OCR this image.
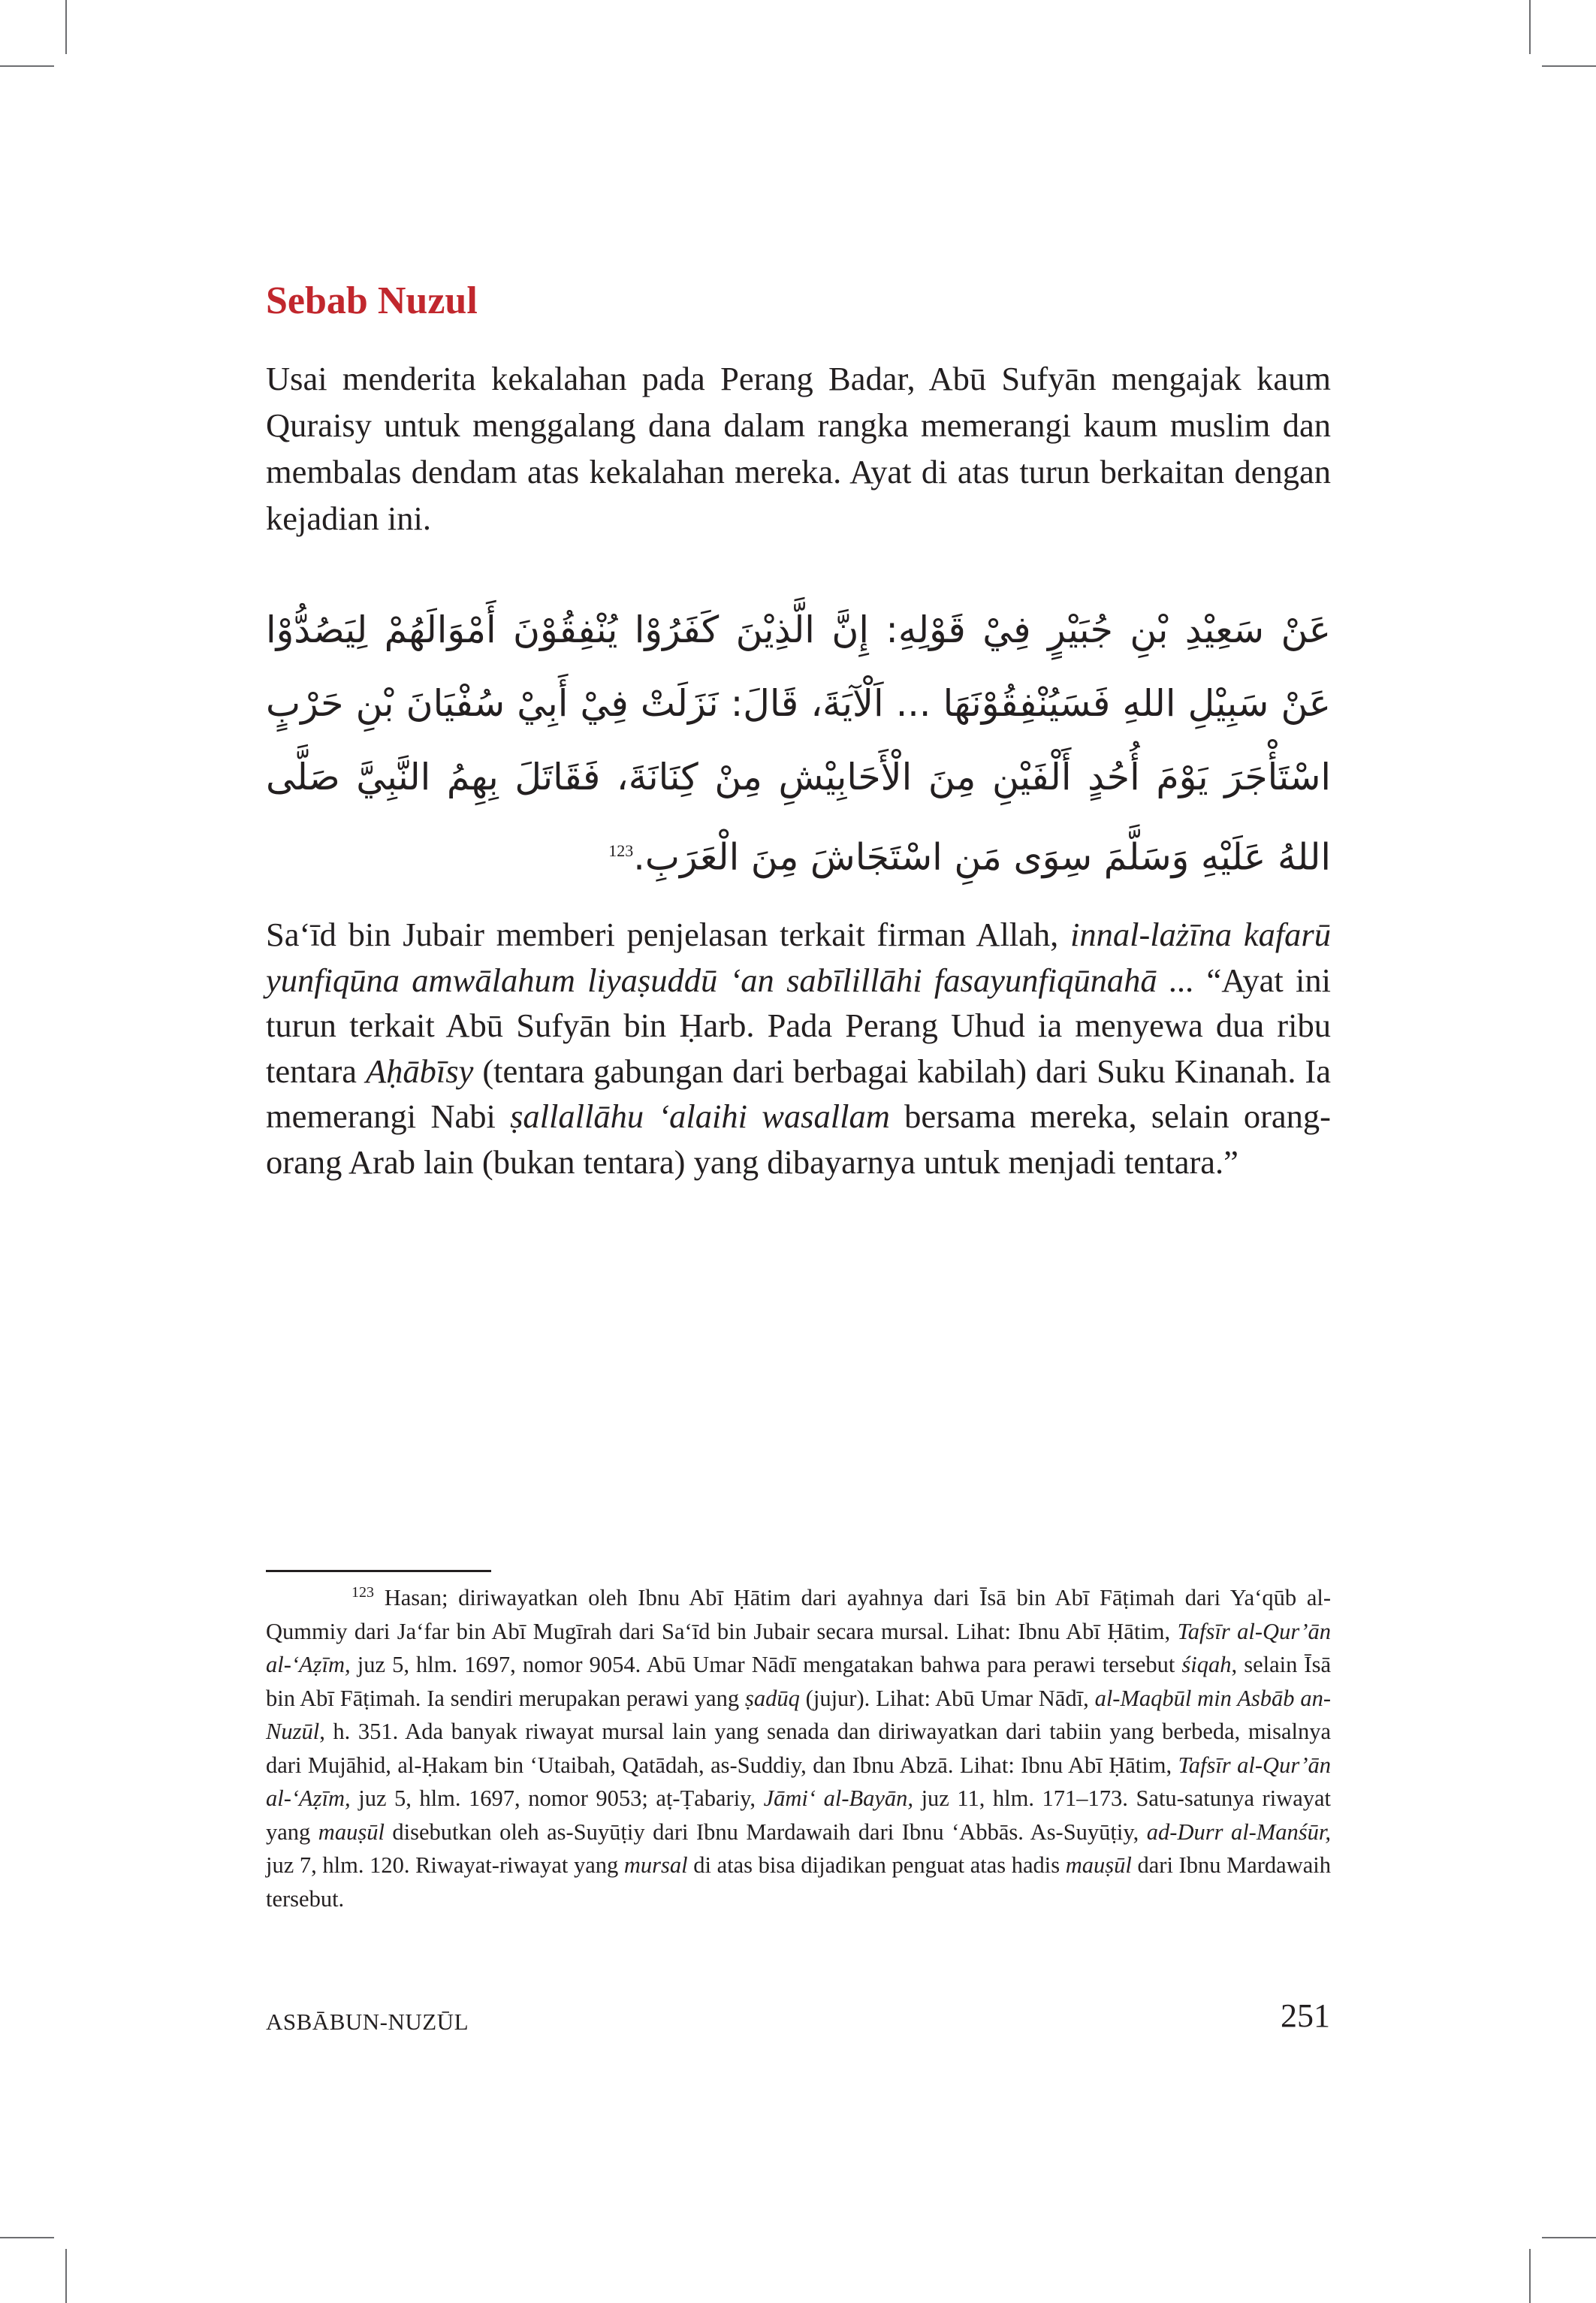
Sebab Nuzul

Usai menderita kekalahan pada Perang Badar, Abū Sufyān mengajak kaum Quraisy untuk menggalang dana dalam rangka memerangi kaum muslim dan membalas dendam atas kekalahan mereka. Ayat di atas turun berkaitan dengan kejadian ini.

عَنْ سَعِيْدِ بْنِ جُبَيْرٍ فِيْ قَوْلِهِ: إِنَّ الَّذِيْنَ كَفَرُوْا يُنْفِقُوْنَ أَمْوَالَهُمْ لِيَصُدُّوْا عَنْ سَبِيْلِ اللهِ فَسَيُنْفِقُوْنَهَا ... اَلْآيَةَ، قَالَ: نَزَلَتْ فِيْ أَبِيْ سُفْيَانَ بْنِ حَرْبٍ اسْتَأْجَرَ يَوْمَ أُحُدٍ أَلْفَيْنِ مِنَ الْأَحَابِيْشِ مِنْ كِنَانَةَ، فَقَاتَلَ بِهِمُ النَّبِيَّ صَلَّى اللهُ عَلَيْهِ وَسَلَّمَ سِوَى مَنِ اسْتَجَاشَ مِنَ الْعَرَبِ.$^{123}$

Sa‘īd bin Jubair memberi penjelasan terkait firman Allah, innal-lażīna kafarū yunfiqūna amwālahum liyaṣuddū ‘an sabīlillāhi fasayunfiqūnahā ... “Ayat ini turun terkait Abū Sufyān bin Ḥarb. Pada Perang Uhud ia menyewa dua ribu tentara Aḥābīsy (tentara gabungan dari berbagai kabilah) dari Suku Kinanah. Ia memerangi Nabi ṣallallāhu ‘alaihi wasallam bersama mereka, selain orang-orang Arab lain (bukan tentara) yang dibayarnya untuk menjadi tentara.”

$^{123}$ Hasan; diriwayatkan oleh Ibnu Abī Ḥātim dari ayahnya dari Īsā bin Abī Fāṭimah dari Ya‘qūb al-Qummiy dari Ja‘far bin Abī Mugīrah dari Sa‘īd bin Jubair secara mursal. Lihat: Ibnu Abī Ḥātim, Tafsīr al-Qur’ān al-‘Aẓīm, juz 5, hlm. 1697, nomor 9054. Abū Umar Nādī mengatakan bahwa para perawi tersebut śiqah, selain Īsā bin Abī Fāṭimah. Ia sendiri merupakan perawi yang ṣadūq (jujur). Lihat: Abū Umar Nādī, al-Maqbūl min Asbāb an-Nuzūl, h. 351. Ada banyak riwayat mursal lain yang senada dan diriwayatkan dari tabiin yang berbeda, misalnya dari Mujāhid, al-Ḥakam bin ‘Utaibah, Qatādah, as-Suddiy, dan Ibnu Abzā. Lihat: Ibnu Abī Ḥātim, Tafsīr al-Qur’ān al-‘Aẓīm, juz 5, hlm. 1697, nomor 9053; aṭ-Ṭabariy, Jāmi‘ al-Bayān, juz 11, hlm. 171–173. Satu-satunya riwayat yang mauṣūl disebutkan oleh as-Suyūṭiy dari Ibnu Mardawaih dari Ibnu ‘Abbās. As-Suyūṭiy, ad-Durr al-Manśūr, juz 7, hlm. 120. Riwayat-riwayat yang mursal di atas bisa dijadikan penguat atas hadis mauṣūl dari Ibnu Mardawaih tersebut.

ASBĀBUN-NUZŪL	251
